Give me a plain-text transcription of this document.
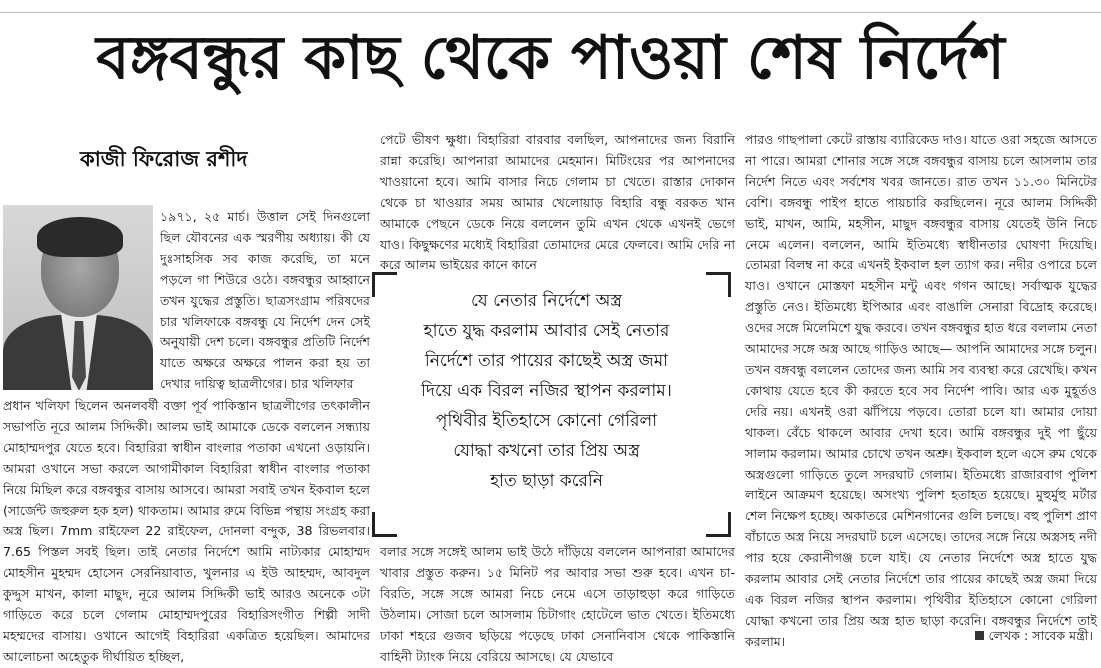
বঙ্গবন্ধুর কাছ থেকে পাওয়া শেষ নির্দেশ
কাজী ফিরোজ রশীদ

১৯৭১, ২৫ মার্চ। উত্তাল সেই দিনগুলো ছিল যৌবনের এক স্মরণীয় অধ্যায়। কী যে দুঃসাহসিক সব কাজ করেছি, তা মনে পড়লে গা শিউরে ওঠে। বঙ্গবন্ধুর আহ্বানে তখন যুদ্ধের প্রস্তুতি। ছাত্রসংগ্রাম পরিষদের চার খলিফাকে বঙ্গবন্ধু যে নির্দেশ দেন সেই অনুযায়ী দেশ চলে। বঙ্গবন্ধুর প্রতিটি নির্দেশ যাতে অক্ষরে অক্ষরে পালন করা হয় তা দেখার দায়িত্ব ছাত্রলীগের। চার খলিফার

প্রধান খলিফা ছিলেন অনলবর্ষী বক্তা পূর্ব পাকিস্তান ছাত্রলীগের তৎকালীন সভাপতি নূরে আলম সিদ্দিকী। আলম ভাই আমাকে ডেকে বললেন সন্ধ্যায় মোহাম্মদপুর যেতে হবে। বিহারিরা স্বাধীন বাংলার পতাকা এখনো ওড়ায়নি। আমরা ওখানে সভা করলে আগামীকাল বিহারিরা স্বাধীন বাংলার পতাকা নিয়ে মিছিল করে বঙ্গবন্ধুর বাসায় আসবে। আমরা সবাই তখন ইকবাল হলে (সার্জেন্ট জহুরুল হক হল) থাকতাম। আমার রুমে বিভিন্ন পন্থায় সংগ্রহ করা অস্ত্র ছিল। 7mm রাইফেল 22 রাইফেল, দোনলা বন্দুক, 38 রিভলবার। 7.65 পিস্তল সবই ছিল। তাই নেতার নির্দেশে আমি নাট্যকার মোহাম্মদ মোহসীন মুহম্মদ হোসেন সেরনিয়াবাত, খুলনার এ ইউ আহম্মদ, আবদুল কুদ্দুস মাখন, কালা মাছুদ, নূরে আলম সিদ্দিকী ভাই আরও অনেকে ৩টা গাড়িতে করে চলে গেলাম মোহাম্মদপুরের বিহারিসংগীত শিল্পী সাদী মহম্মদের বাসায়। ওখানে আগেই বিহারিরা একত্রিত হয়েছিল। আমাদের আলোচনা অহেতুক দীর্ঘায়িত হচ্ছিল,

পেটে ভীষণ ক্ষুধা। বিহারিরা বারবার বলছিল, আপনাদের জন্য বিরানি রান্না করেছি। আপনারা আমাদের মেহমান। মিটিংয়ের পর আপনাদের খাওয়ানো হবে। আমি বাসার নিচে গেলাম চা খেতে। রাস্তার দোকান থেকে চা খাওয়ার সময় আমার খেলোয়াড় বিহারি বন্ধু বরকত খান আমাকে পেছনে ডেকে নিয়ে বললেন তুমি এখন থেকে এখনই ভেগে যাও। কিছুক্ষণের মধ্যেই বিহারিরা তোমাদের মেরে ফেলবে। আমি দেরি না করে আলম ভাইয়ের কানে কানে

যে নেতার নির্দেশে অস্ত্র
হাতে যুদ্ধ করলাম আবার সেই নেতার
নির্দেশে তার পায়ের কাছেই অস্ত্র জমা
দিয়ে এক বিরল নজির স্থাপন করলাম।
পৃথিবীর ইতিহাসে কোনো গেরিলা
যোদ্ধা কখনো তার প্রিয় অস্ত্র
হাত ছাড়া করেনি

বলার সঙ্গে সঙ্গেই আলম ভাই উঠে দাঁড়িয়ে বললেন আপনারা আমাদের খাবার প্রস্তুত করুন। ১৫ মিনিট পর আবার সভা শুরু হবে। এখন চা-বিরতি, সঙ্গে সঙ্গে আমরা নিচে নেমে এসে তাড়াহুড়া করে গাড়িতে উঠলাম। সোজা চলে আসলাম চিটাগাং হোটেলে ভাত খেতে। ইতিমধ্যে ঢাকা শহরে গুজব ছড়িয়ে পড়েছে ঢাকা সেনানিবাস থেকে পাকিস্তানি বাহিনী ট্যাংক নিয়ে বেরিয়ে আসছে। যে যেভাবে

পারও গাছপালা কেটে রাস্তায় ব্যারিকেড দাও। যাতে ওরা সহজে আসতে না পারে। আমরা শোনার সঙ্গে সঙ্গে বঙ্গবন্ধুর বাসায় চলে আসলাম তার নির্দেশ নিতে এবং সর্বশেষ খবর জানতে। রাত তখন ১১.৩০ মিনিটের বেশি। বঙ্গবন্ধু পাইপ হাতে পায়চারি করছিলেন। নূরে আলম সিদ্দিকী ভাই, মাখন, আমি, মহসীন, মাছুদ বঙ্গবন্ধুর বাসায় যেতেই উনি নিচে নেমে এলেন। বললেন, আমি ইতিমধ্যে স্বাধীনতার ঘোষণা দিয়েছি। তোমরা বিলম্ব না করে এখনই ইকবাল হল ত্যাগ কর। নদীর ওপারে চলে যাও। ওখানে মোস্তফা মহসীন মন্টু এবং গগন আছে। সর্বাত্মক যুদ্ধের প্রস্তুতি নেও। ইতিমধ্যে ইপিআর এবং বাঙালি সেনারা বিদ্রোহ করেছে। ওদের সঙ্গে মিলেমিশে যুদ্ধ করবে। তখন বঙ্গবন্ধুর হাত ধরে বললাম নেতা আমাদের সঙ্গে অস্ত্র আছে গাড়িও আছে— আপনি আমাদের সঙ্গে চলুন। তখন বঙ্গবন্ধু বললেন তোদের জন্য আমি সব ব্যবস্থা করে রেখেছি। কখন কোথায় যেতে হবে কী করতে হবে সব নির্দেশ পাবি। আর এক মুহূর্তও দেরি নয়। এখনই ওরা ঝাঁপিয়ে পড়বে। তোরা চলে যা। আমার দোয়া থাকল। বেঁচে থাকলে আবার দেখা হবে। আমি বঙ্গবন্ধুর দুই পা ছুঁয়ে সালাম করলাম। আমার চোখে তখন অশ্রু। ইকবাল হলে এসে রুম থেকে অস্ত্রগুলো গাড়িতে তুলে সদরঘাট গেলাম। ইতিমধ্যে রাজারবাগ পুলিশ লাইনে আক্রমণ হয়েছে। অসংখ্য পুলিশ হতাহত হয়েছে। মুহুর্মুহু মর্টার শেল নিক্ষেপ হচ্ছে। অকাতরে মেশিনগানের গুলি চলছে। বহু পুলিশ প্রাণ বাঁচাতে অস্ত্র নিয়ে সদরঘাট চলে এসেছে। তাদের সঙ্গে নিয়ে অস্ত্রসহ নদী পার হয়ে কেরানীগঞ্জ চলে যাই। যে নেতার নির্দেশে অস্ত্র হাতে যুদ্ধ করলাম আবার সেই নেতার নির্দেশে তার পায়ের কাছেই অস্ত্র জমা দিয়ে এক বিরল নজির স্থাপন করলাম। পৃথিবীর ইতিহাসে কোনো গেরিলা যোদ্ধা কখনো তার প্রিয় অস্ত্র হাত ছাড়া করেনি। বঙ্গবন্ধুর নির্দেশে তাই করলাম।	লেখক : সাবেক মন্ত্রী।
